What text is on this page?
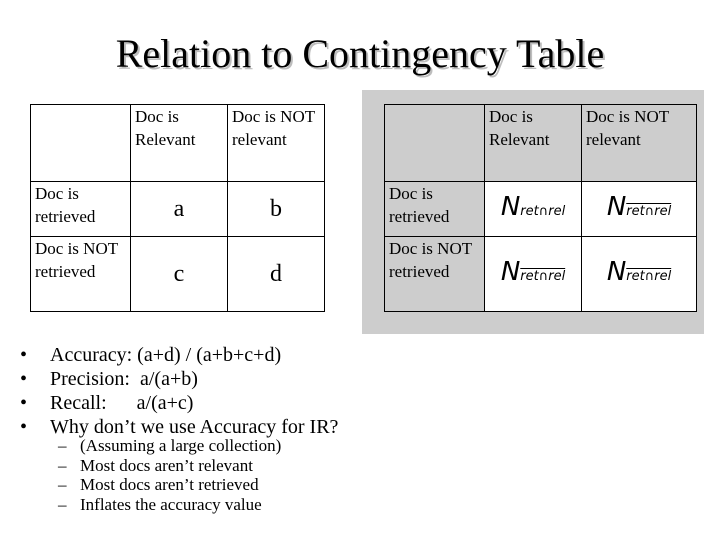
Relation to Contingency Table
	Doc is Relevant	Doc is NOT relevant
Doc is retrieved	a	b
Doc is NOT retrieved	c	d
	Doc is Relevant	Doc is NOT relevant
Doc is retrieved	Nret∩rel	Nret∩rel
Doc is NOT retrieved	Nret∩rel	Nret∩rel
•	Accuracy: (a+d) / (a+b+c+d)
•	Precision:  a/(a+b)
•	Recall:      a/(a+c)
•	Why don’t we use Accuracy for IR?
– (Assuming a large collection)
– Most docs aren’t relevant
– Most docs aren’t retrieved
– Inflates the accuracy value
